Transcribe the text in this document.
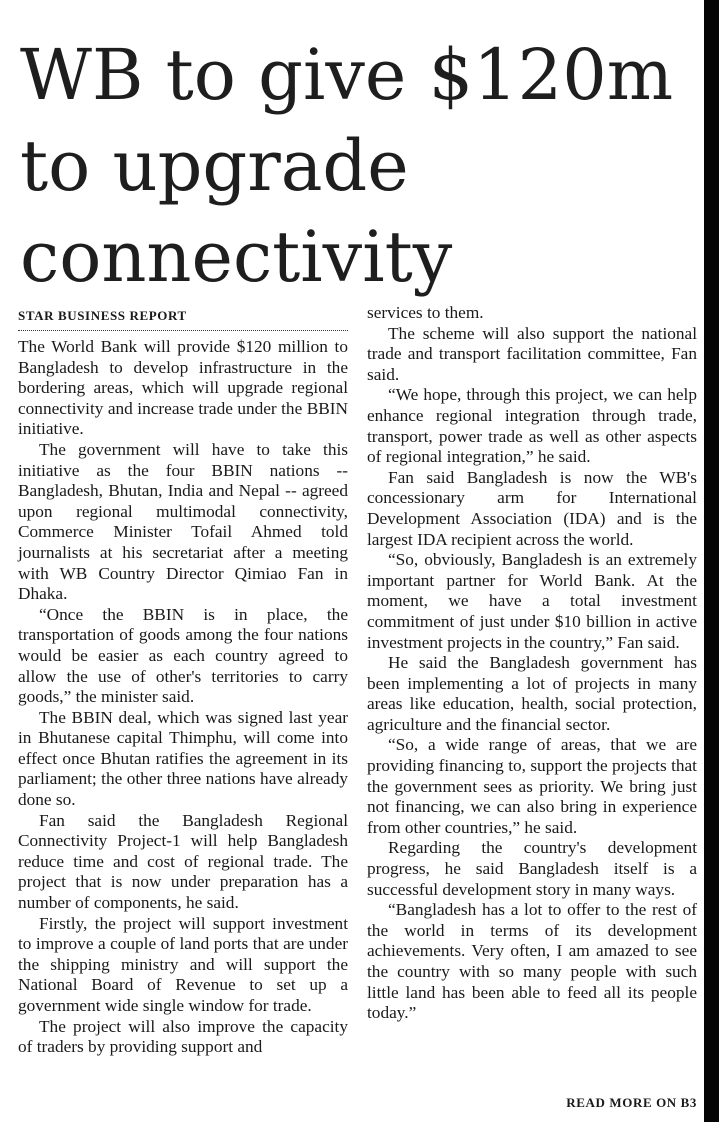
WB to give $120m
to upgrade
connectivity
STAR BUSINESS REPORT

The World Bank will provide $120 million to Bangladesh to develop infrastructure in the bordering areas, which will upgrade regional connectivity and increase trade under the BBIN initiative.

The government will have to take this initiative as the four BBIN nations -- Bangladesh, Bhutan, India and Nepal -- agreed upon regional multimodal connectivity, Commerce Minister Tofail Ahmed told journalists at his secretariat after a meeting with WB Country Director Qimiao Fan in Dhaka.

“Once the BBIN is in place, the transportation of goods among the four nations would be easier as each country agreed to allow the use of other's territories to carry goods,” the minister said.

The BBIN deal, which was signed last year in Bhutanese capital Thimphu, will come into effect once Bhutan ratifies the agreement in its parliament; the other three nations have already done so.

Fan said the Bangladesh Regional Connectivity Project-1 will help Bangladesh reduce time and cost of regional trade. The project that is now under preparation has a number of components, he said.

Firstly, the project will support investment to improve a couple of land ports that are under the shipping ministry and will support the National Board of Revenue to set up a government wide single window for trade.

The project will also improve the capacity of traders by providing support and

services to them.

The scheme will also support the national trade and transport facilitation committee, Fan said.

“We hope, through this project, we can help enhance regional integration through trade, transport, power trade as well as other aspects of regional integration,” he said.

Fan said Bangladesh is now the WB's concessionary arm for International Development Association (IDA) and is the largest IDA recipient across the world.

“So, obviously, Bangladesh is an extremely important partner for World Bank. At the moment, we have a total investment commitment of just under $10 billion in active investment projects in the country,” Fan said.

He said the Bangladesh government has been implementing a lot of projects in many areas like education, health, social protection, agriculture and the financial sector.

“So, a wide range of areas, that we are providing financing to, support the projects that the government sees as priority. We bring just not financing, we can also bring in experience from other countries,” he said.

Regarding the country's development progress, he said Bangladesh itself is a successful development story in many ways.

“Bangladesh has a lot to offer to the rest of the world in terms of its development achievements. Very often, I am amazed to see the country with so many people with such little land has been able to feed all its people today.”

READ MORE ON B3
